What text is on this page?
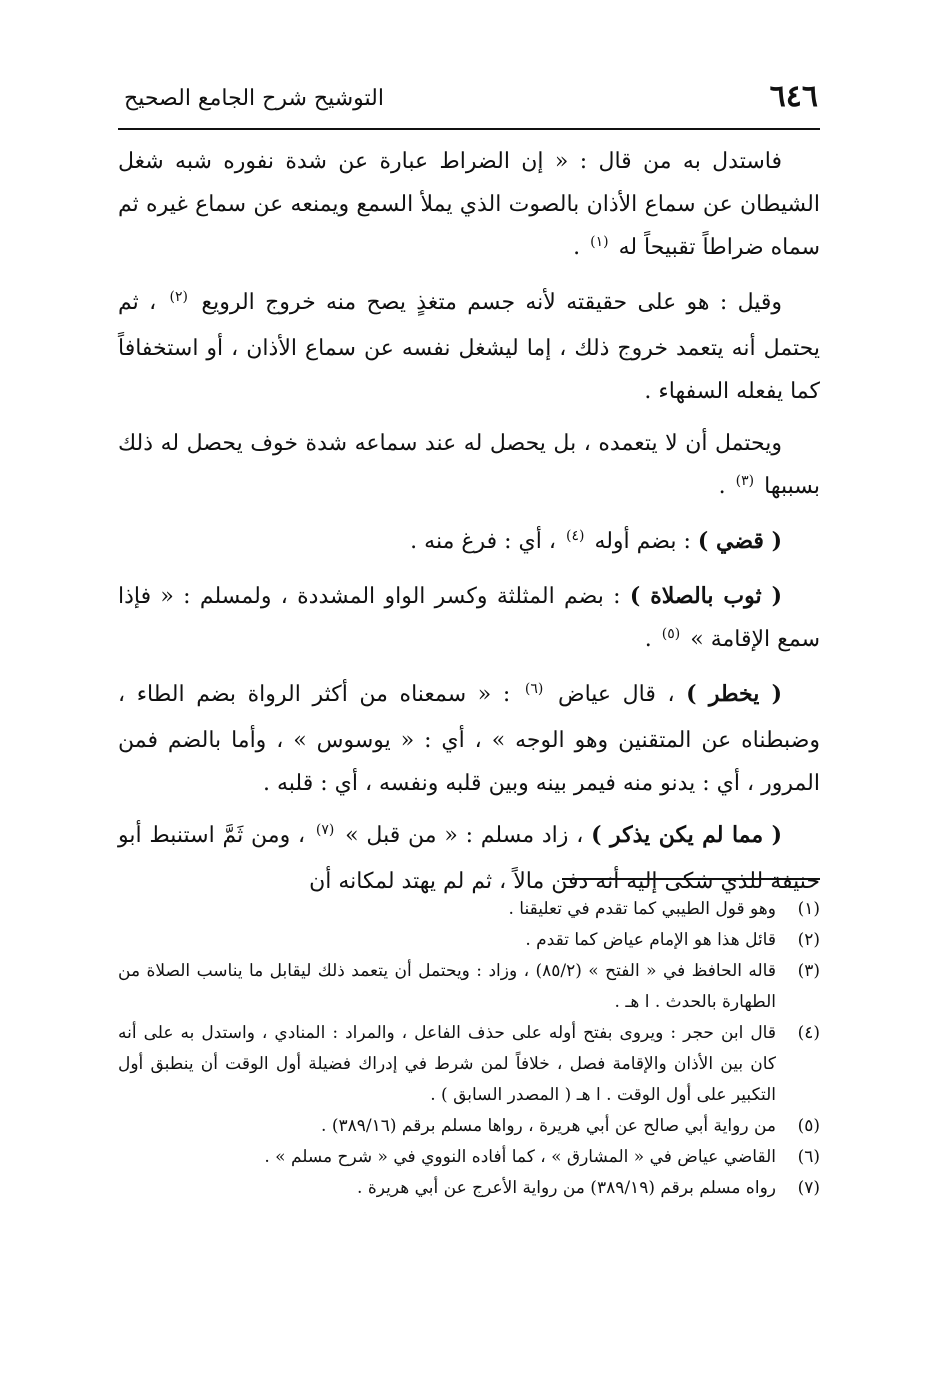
٦٤٦
التوشيح شرح الجامع الصحيح

فاستدل به من قال : « إن الضراط عبارة عن شدة نفوره شبه شغل الشيطان عن سماع الأذان بالصوت الذي يملأ السمع ويمنعه عن سماع غيره ثم سماه ضراطاً تقبيحاً له $^{(١)}$ .

وقيل : هو على حقيقته لأنه جسم متغذٍ يصح منه خروج الرويع $^{(٢)}$ ، ثم يحتمل أنه يتعمد خروج ذلك ، إما ليشغل نفسه عن سماع الأذان ، أو استخفافاً كما يفعله السفهاء .

ويحتمل أن لا يتعمده ، بل يحصل له عند سماعه شدة خوف يحصل له ذلك بسببها $^{(٣)}$ .

( قضي ) : بضم أوله $^{(٤)}$ ، أي : فرغ منه .

( ثوب بالصلاة ) : بضم المثلثة وكسر الواو المشددة ، ولمسلم : « فإذا سمع الإقامة » $^{(٥)}$ .

( يخطر ) ، قال عياض $^{(٦)}$ : « سمعناه من أكثر الرواة بضم الطاء ، وضبطناه عن المتقنين وهو الوجه » ، أي : « يوسوس » ، وأما بالضم فمن المرور ، أي : يدنو منه فيمر بينه وبين قلبه ونفسه ، أي : قلبه .

( مما لم يكن يذكر ) ، زاد مسلم : « من قبل » $^{(٧)}$ ، ومن ثَمَّ استنبط أبو حنيفة للذي شكى إليه أنه دفن مالاً ، ثم لم يهتد لمكانه أن

(١)
وهو قول الطيبي كما تقدم في تعليقنا .

(٢)
قائل هذا هو الإمام عياض كما تقدم .

(٣)
قاله الحافظ في « الفتح » (٨٥/٢) ، وزاد : ويحتمل أن يتعمد ذلك ليقابل ما يناسب الصلاة من الطهارة بالحدث . ا هـ .

(٤)
قال ابن حجر : ويروى بفتح أوله على حذف الفاعل ، والمراد : المنادي ، واستدل به على أنه كان بين الأذان والإقامة فصل ، خلافاً لمن شرط في إدراك فضيلة أول الوقت أن ينطبق أول التكبير على أول الوقت . ا هـ ( المصدر السابق ) .

(٥)
من رواية أبي صالح عن أبي هريرة ، رواها مسلم برقم (٣٨٩/١٦) .

(٦)
القاضي عياض في « المشارق » ، كما أفاده النووي في « شرح مسلم » .

(٧)
رواه مسلم برقم (٣٨٩/١٩) من رواية الأعرج عن أبي هريرة .
